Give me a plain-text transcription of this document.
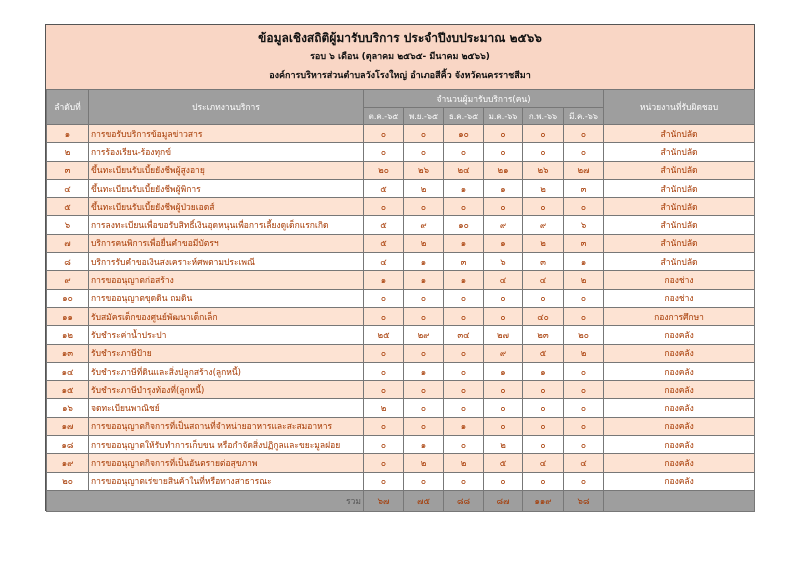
ข้อมูลเชิงสถิติผู้มารับบริการ ประจำปีงบประมาณ ๒๕๖๖
รอบ ๖ เดือน (ตุลาคม ๒๕๖๕- มีนาคม ๒๕๖๖)
องค์การบริหารส่วนตำบลวังโรงใหญ่ อำเภอสีคิ้ว จังหวัดนครราชสีมา
ลำดับที่	ประเภทงานบริการ	จำนวนผู้มารับบริการ(คน)						หน่วยงานที่รับผิดชอบ
		ต.ค.-๖๕	พ.ย.-๖๕	ธ.ค.-๖๕	ม.ค.-๖๖	ก.พ.-๖๖	มี.ค.-๖๖	
๑	การขอรับบริการข้อมูลข่าวสาร	๐	๐	๑๐	๐	๐	๐	สำนักปลัด
๒	การร้องเรียน-ร้องทุกข์	๐	๐	๐	๐	๐	๐	สำนักปลัด
๓	ขึ้นทะเบียนรับเบี้ยยังชีพผู้สูงอายุ	๒๐	๒๖	๒๔	๒๑	๒๖	๒๗	สำนักปลัด
๔	ขึ้นทะเบียนรับเบี้ยยังชีพผู้พิการ	๕	๒	๑	๑	๒	๓	สำนักปลัด
๕	ขึ้นทะเบียนรับเบี้ยยังชีพผู้ป่วยเอดส์	๐	๐	๐	๐	๐	๐	สำนักปลัด
๖	การลงทะเบียนเพื่อขอรับสิทธิ์เงินอุดหนุนเพื่อการเลี้ยงดูเด็กแรกเกิด	๕	๙	๑๐	๙	๙	๖	สำนักปลัด
๗	บริการคนพิการเพื่อยื่นคำขอมีบัตรฯ	๕	๒	๑	๑	๒	๓	สำนักปลัด
๘	บริการรับคำขอเงินสงเคราะห์ศพตามประเพณี	๔	๑	๓	๖	๓	๑	สำนักปลัด
๙	การขออนุญาตก่อสร้าง	๑	๑	๑	๔	๔	๒	กองช่าง
๑๐	การขออนุญาตขุดดิน ถมดิน	๐	๐	๐	๐	๐	๐	กองช่าง
๑๑	รับสมัครเด็กของศูนย์พัฒนาเด็กเล็ก	๐	๐	๐	๐	๔๐	๐	กองการศึกษา
๑๒	รับชำระค่าน้ำประปา	๒๕	๒๙	๓๔	๒๗	๒๓	๒๐	กองคลัง
๑๓	รับชำระภาษีป้าย	๐	๐	๐	๙	๕	๒	กองคลัง
๑๔	รับชำระภาษีที่ดินและสิ่งปลูกสร้าง(ลูกหนี้)	๐	๑	๐	๑	๑	๐	กองคลัง
๑๕	รับชำระภาษีบำรุงท้องที่(ลูกหนี้)	๐	๐	๐	๐	๐	๐	กองคลัง
๑๖	จดทะเบียนพาณิชย์	๒	๐	๐	๐	๐	๐	กองคลัง
๑๗	การขออนุญาตกิจการที่เป็นสถานที่จำหน่ายอาหารและสะสมอาหาร	๐	๐	๑	๐	๐	๐	กองคลัง
๑๘	การขออนุญาตให้รับทำการเก็บขน หรือกำจัดสิ่งปฏิกูลและขยะมูลฝอย	๐	๑	๐	๒	๐	๐	กองคลัง
๑๙	การขออนุญาตกิจการที่เป็นอันตรายต่อสุขภาพ	๐	๒	๒	๕	๔	๔	กองคลัง
๒๐	การขออนุญาตเร่ขายสินค้าในที่หรือทางสาธารณะ	๐	๐	๐	๐	๐	๐	กองคลัง
รวม		๖๗	๗๕	๘๘	๘๗	๑๑๙	๖๘	
